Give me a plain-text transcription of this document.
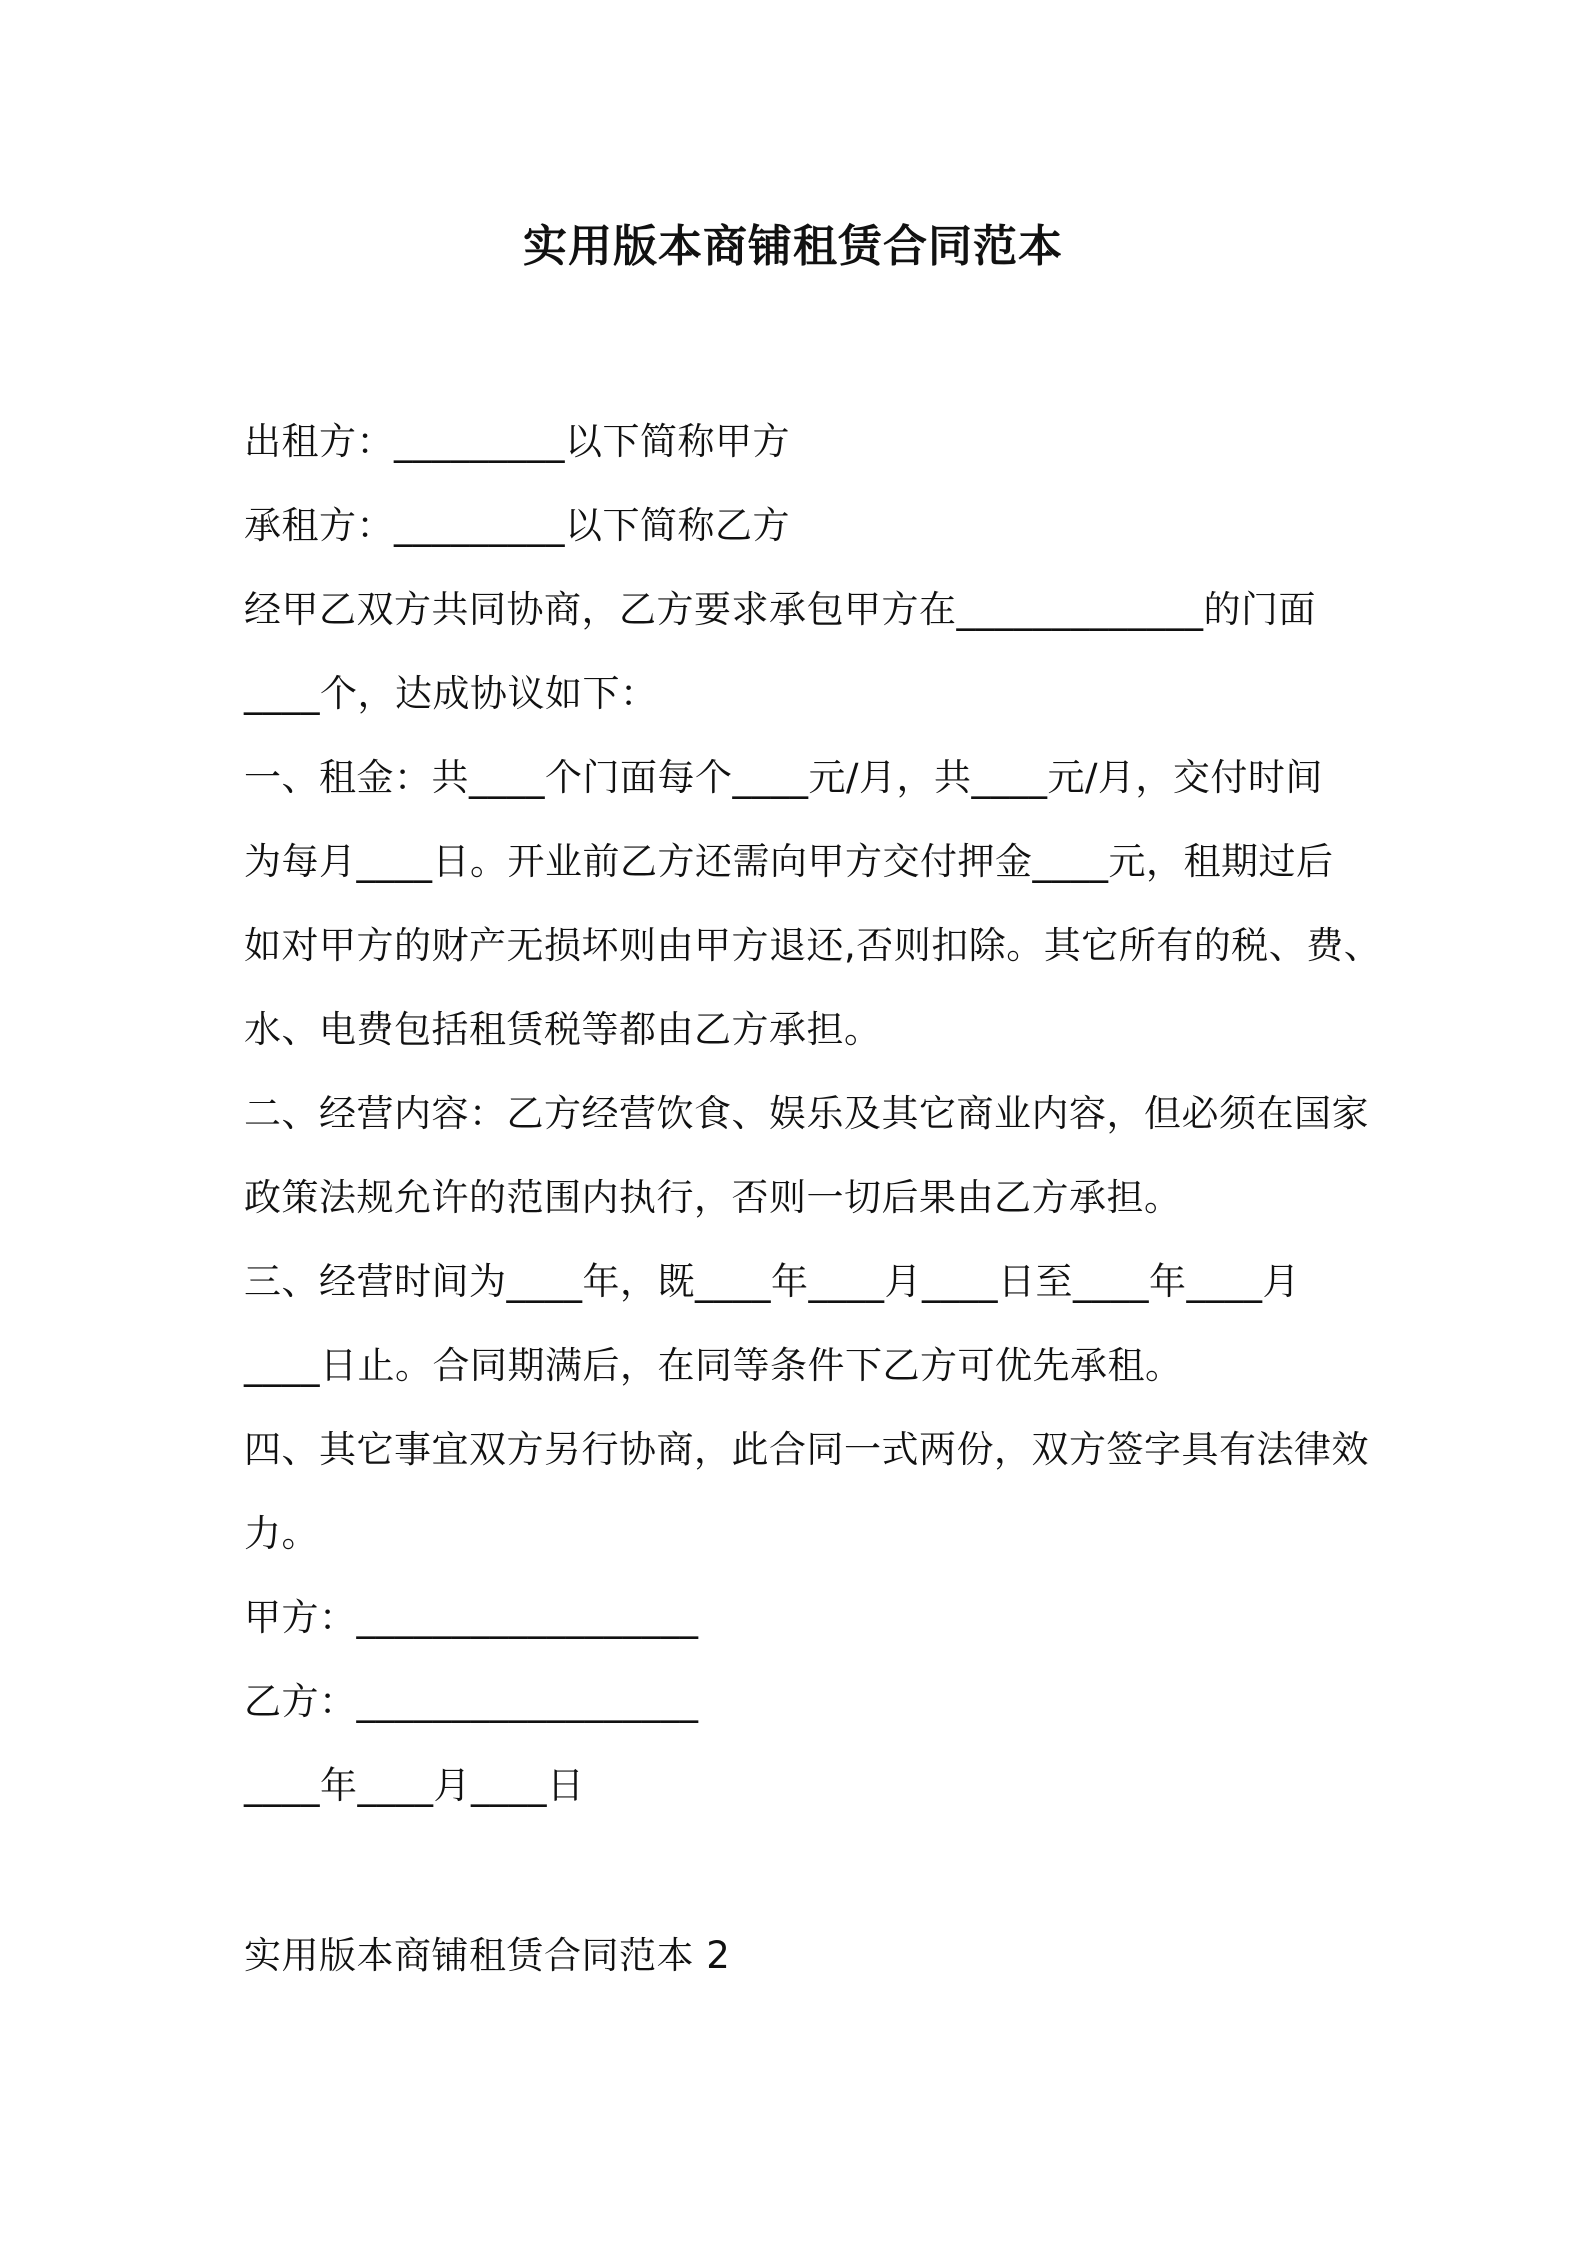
实用版本商铺租赁合同范本
出租方：_________以下简称甲方
承租方：_________以下简称乙方
经甲乙双方共同协商，乙方要求承包甲方在_____________的门面
____个，达成协议如下：
一、租金：共____个门面每个____元/月，共____元/月，交付时间
为每月____日。开业前乙方还需向甲方交付押金____元，租期过后
如对甲方的财产无损坏则由甲方退还,否则扣除。其它所有的税、费、
水、电费包括租赁税等都由乙方承担。
二、经营内容：乙方经营饮食、娱乐及其它商业内容，但必须在国家
政策法规允许的范围内执行，否则一切后果由乙方承担。
三、经营时间为____年，既____年____月____日至____年____月
____日止。合同期满后，在同等条件下乙方可优先承租。
四、其它事宜双方另行协商，此合同一式两份，双方签字具有法律效
力。
甲方：__________________
乙方：__________________
____年____月____日
实用版本商铺租赁合同范本 2
